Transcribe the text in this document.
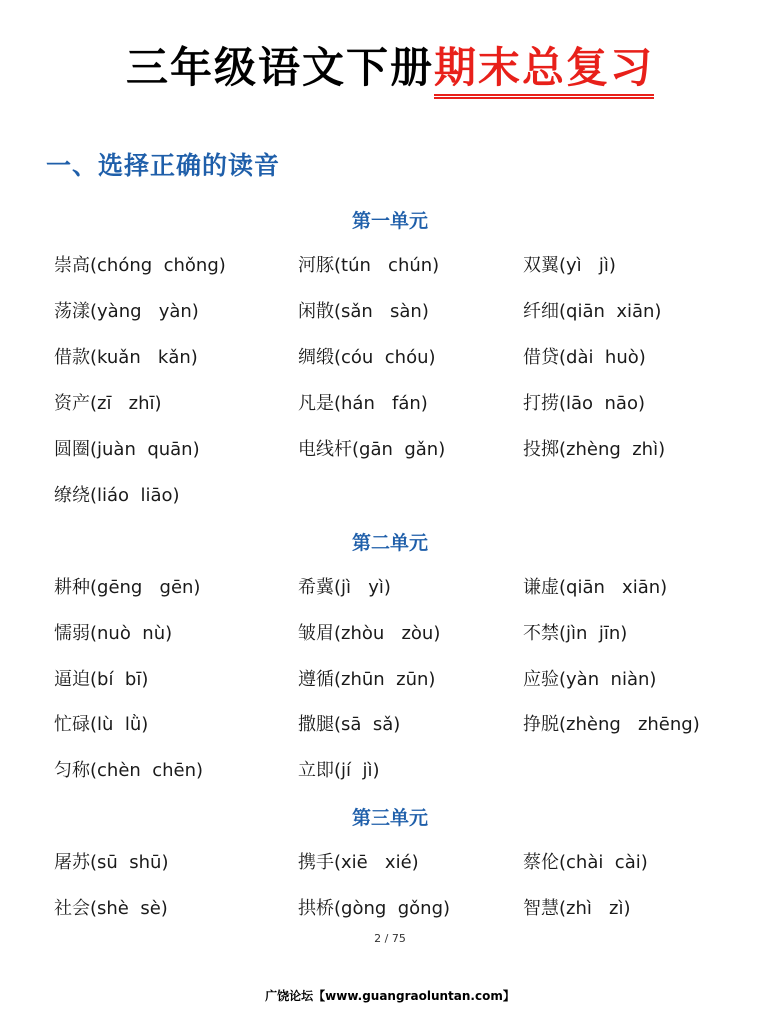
三年级语文下册期末总复习
一、选择正确的读音
第一单元
崇高(chóng  chǒng)	河豚(tún   chún)	双翼(yì   jì)
荡漾(yàng   yàn)	闲散(sǎn   sàn)	纤细(qiān  xiān)
借款(kuǎn   kǎn)	绸缎(cóu  chóu)	借贷(dài  huò)
资产(zī   zhī)	凡是(hán   fán)	打捞(lāo  nāo)
圆圈(juàn  quān)	电线杆(gān  gǎn)	投掷(zhèng  zhì)
缭绕(liáo  liāo)
第二单元
耕种(gēng   gēn)	希冀(jì   yì)	谦虚(qiān   xiān)
懦弱(nuò  nù)	皱眉(zhòu   zòu)	不禁(jìn  jīn)
逼迫(bí  bī)	遵循(zhūn  zūn)	应验(yàn  niàn)
忙碌(lù  lǜ)	撒腿(sā  sǎ)	挣脱(zhèng   zhēng)
匀称(chèn  chēn)	立即(jí  jì)
第三单元
屠苏(sū  shū)	携手(xiē   xié)	蔡伦(chài  cài)
社会(shè  sè)	拱桥(gòng  gǒng)	智慧(zhì   zì)
2 / 75
广饶论坛【www.guangraoluntan.com】
